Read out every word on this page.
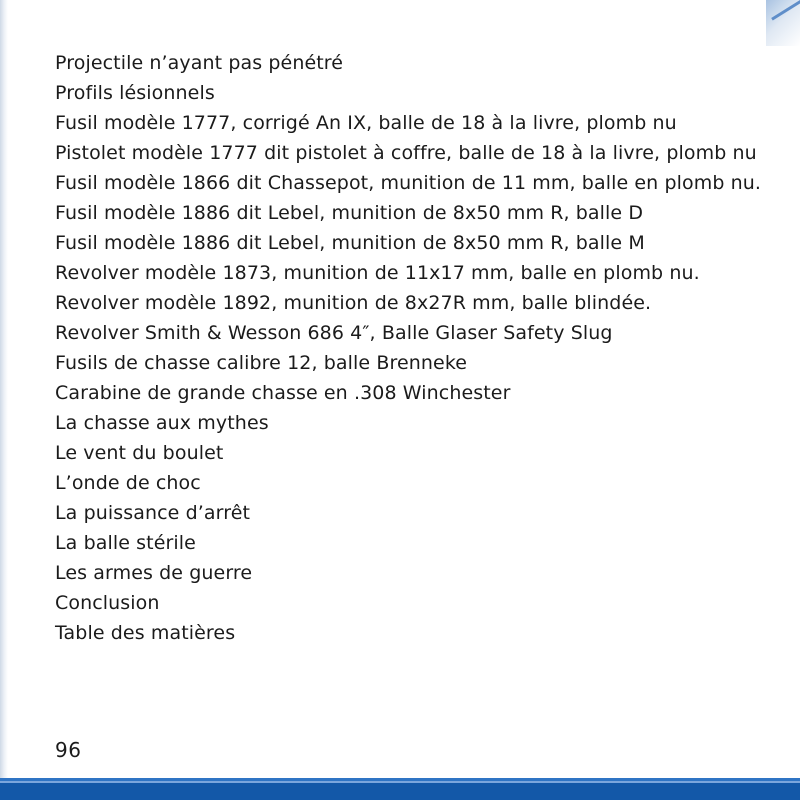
Projectile n’ayant pas pénétré
Profils lésionnels
Fusil modèle 1777, corrigé An IX, balle de 18 à la livre, plomb nu
Pistolet modèle 1777 dit pistolet à coffre, balle de 18 à la livre, plomb nu
Fusil modèle 1866 dit Chassepot, munition de 11 mm, balle en plomb nu.
Fusil modèle 1886 dit Lebel, munition de 8x50 mm R, balle D
Fusil modèle 1886 dit Lebel, munition de 8x50 mm R, balle M
Revolver modèle 1873, munition de 11x17 mm, balle en plomb nu.
Revolver modèle 1892, munition de 8x27R mm, balle blindée.
Revolver Smith & Wesson 686 4″, Balle Glaser Safety Slug
Fusils de chasse calibre 12, balle Brenneke
Carabine de grande chasse en .308 Winchester
La chasse aux mythes
Le vent du boulet
L’onde de choc
La puissance d’arrêt
La balle stérile
Les armes de guerre
Conclusion
Table des matières
96
